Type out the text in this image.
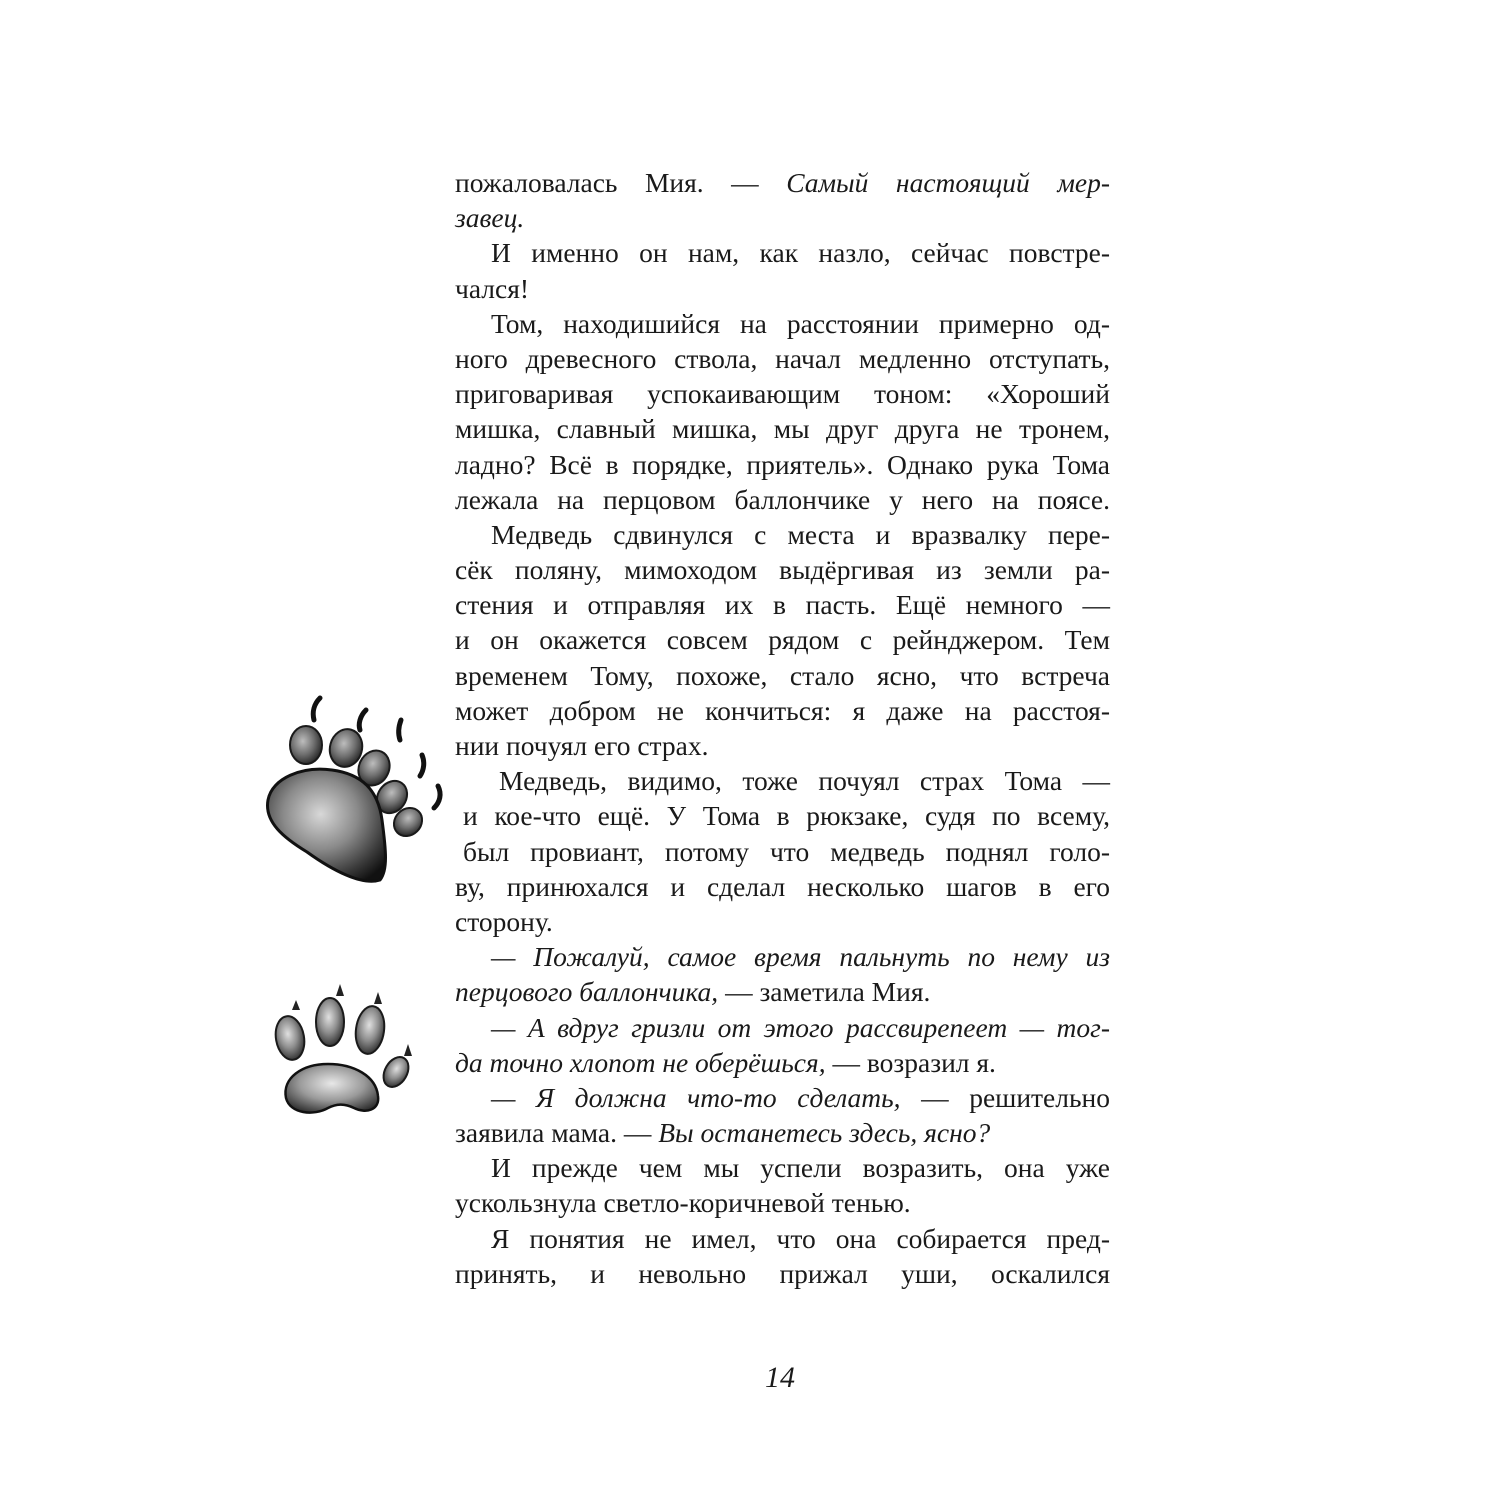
пожаловалась Мия. — Самый настоящий мер-
завец.
И именно он нам, как назло, сейчас повстре-
чался!
Том, находишийся на расстоянии примерно од-
ного древесного ствола, начал медленно отступать,
приговаривая успокаивающим тоном: «Хороший
мишка, славный мишка, мы друг друга не тронем,
ладно? Всё в порядке, приятель». Однако рука Тома
лежала на перцовом баллончике у него на поясе.
Медведь сдвинулся с места и вразвалку пере-
сёк поляну, мимоходом выдёргивая из земли ра-
стения и отправляя их в пасть. Ещё немного —
и он окажется совсем рядом с рейнджером. Тем
временем Тому, похоже, стало ясно, что встреча
может добром не кончиться: я даже на расстоя-
нии почуял его страх.
Медведь, видимо, тоже почуял страх Тома —
и кое-что ещё. У Тома в рюкзаке, судя по всему,
был провиант, потому что медведь поднял голо-
ву, принюхался и сделал несколько шагов в его
сторону.
— Пожалуй, самое время пальнуть по нему из
перцового баллончика, — заметила Мия.
— А вдруг гризли от этого рассвирепеет — тог-
да точно хлопот не оберёшься, — возразил я.
— Я должна что-то сделать, — решительно
заявила мама. — Вы останетесь здесь, ясно?
И прежде чем мы успели возразить, она уже
ускользнула светло-коричневой тенью.
Я понятия не имел, что она собирается пред-
принять, и невольно прижал уши, оскалился
14
